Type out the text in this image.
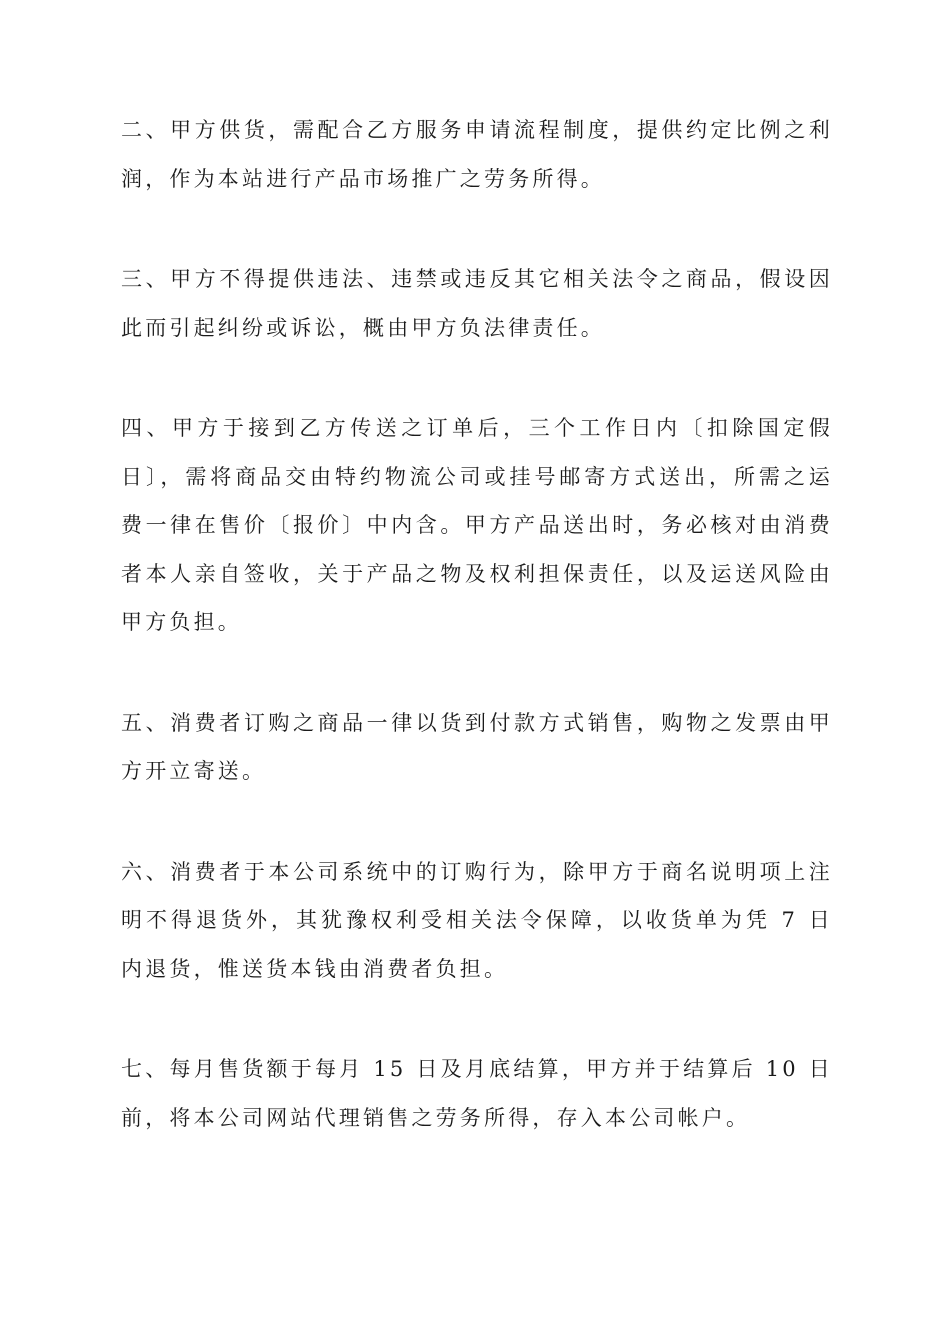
二、甲方供货，需配合乙方服务申请流程制度，提供约定比例之利润，作为本站进行产品市场推广之劳务所得。

三、甲方不得提供违法、违禁或违反其它相关法令之商品，假设因此而引起纠纷或诉讼，概由甲方负法律责任。

四、甲方于接到乙方传送之订单后，三个工作日内〔扣除国定假日〕，需将商品交由特约物流公司或挂号邮寄方式送出，所需之运费一律在售价〔报价〕中内含。甲方产品送出时，务必核对由消费者本人亲自签收，关于产品之物及权利担保责任，以及运送风险由甲方负担。

五、消费者订购之商品一律以货到付款方式销售，购物之发票由甲方开立寄送。

六、消费者于本公司系统中的订购行为，除甲方于商名说明项上注明不得退货外，其犹豫权利受相关法令保障，以收货单为凭 7 日内退货，惟送货本钱由消费者负担。

七、每月售货额于每月 15 日及月底结算，甲方并于结算后 10 日前，将本公司网站代理销售之劳务所得，存入本公司帐户。
